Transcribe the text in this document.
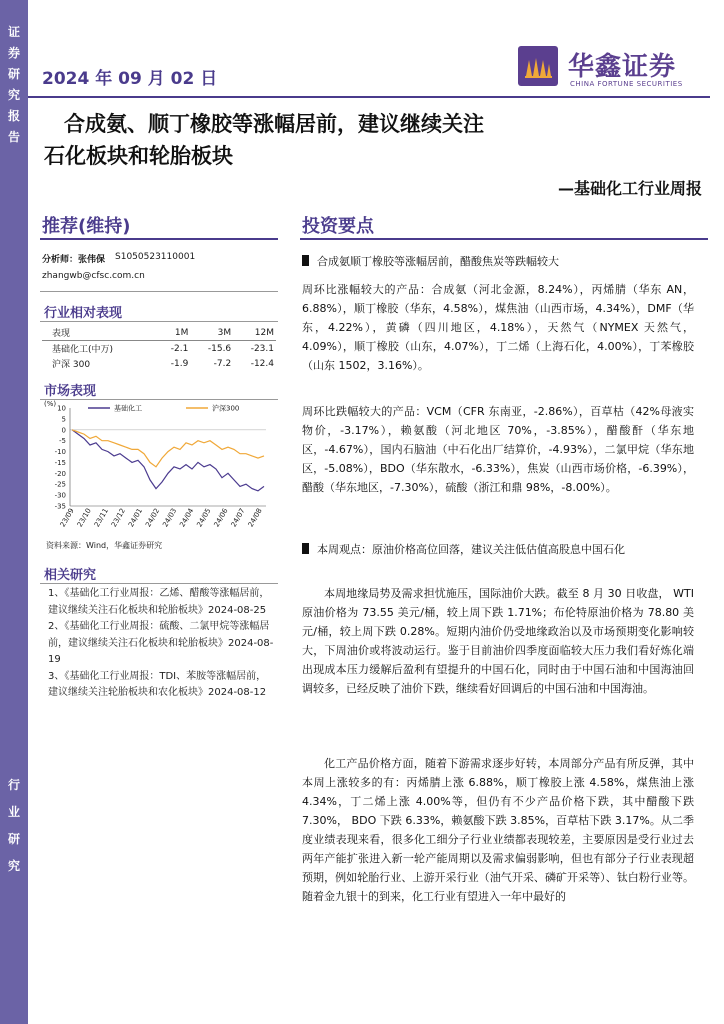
证
券
研
究
报
告
行
业
研
究
2024 年 09 月 02 日	华鑫证券
CHINA FORTUNE SECURITIES
合成氨、顺丁橡胶等涨幅居前，建议继续关注
石化板块和轮胎板块
—基础化工行业周报
推荐(维持)
分析师：张伟保 S1050523110001
zhangwb@cfsc.com.cn
行业相对表现
表现	1M	3M	12M
基础化工(中万)	-2.1	-15.6	-23.1
沪深 300	-1.9	-7.2	-12.4
市场表现
(%)
10
5
0
-5
-10
-15
-20
-25
-30
-35
23/09 23/10 23/11 23/12 24/01 24/02 24/03 24/04 24/05 24/06 24/07 24/08
基础化工	沪深300
资料来源：Wind，华鑫证券研究
相关研究

1、《基础化工行业周报：乙烯、醋酸等涨幅居前，建议继续关注石化板块和轮胎板块》2024-08-25

2、《基础化工行业周报：硫酸、二氯甲烷等涨幅居前，建议继续关注石化板块和轮胎板块》2024-08-19

3、《基础化工行业周报：TDI、苯胺等涨幅居前，建议继续关注轮胎板块和农化板块》2024-08-12

投资要点
合成氨顺丁橡胶等涨幅居前，醋酸焦炭等跌幅较大
周环比涨幅较大的产品：合成氨（河北金源，8.24%），丙烯腈（华东 AN，6.88%），顺丁橡胶（华东，4.58%），煤焦油（山西市场，4.34%），DMF（华东，4.22%），黄磷（四川地区，4.18%），天然气（NYMEX 天然气，4.09%），顺丁橡胶（山东，4.07%），丁二烯（上海石化，4.00%），丁苯橡胶（山东 1502，3.16%）。
周环比跌幅较大的产品：VCM（CFR 东南亚，-2.86%），百草枯（42%母液实物价，-3.17%），赖氨酸（河北地区 70%，-3.85%），醋酸酐（华东地区，-4.67%），国内石脑油（中石化出厂结算价，-4.93%），二氯甲烷（华东地区，-5.08%），BDO（华东散水，-6.33%），焦炭（山西市场价格，-6.39%），醋酸（华东地区，-7.30%），硫酸（浙江和鼎 98%，-8.00%）。
本周观点：原油价格高位回落，建议关注低估值高股息中国石化
本周地缘局势及需求担忧施压，国际油价大跌。截至 8 月 30 日收盘， WTI 原油价格为 73.55 美元/桶，较上周下跌 1.71%；布伦特原油价格为 78.80 美元/桶，较上周下跌 0.28%。短期内油价仍受地缘政治以及市场预期变化影响较大，下周油价或将波动运行。鉴于目前油价四季度面临较大压力我们看好炼化端出现成本压力缓解后盈利有望提升的中国石化，同时由于中国石油和中国海油回调较多，已经反映了油价下跌，继续看好回调后的中国石油和中国海油。
化工产品价格方面，随着下游需求逐步好转，本周部分产品有所反弹，其中本周上涨较多的有：丙烯腈上涨 6.88%，顺丁橡胶上涨 4.58%，煤焦油上涨 4.34%，丁二烯上涨 4.00%等，但仍有不少产品价格下跌，其中醋酸下跌 7.30%， BDO 下跌 6.33%，赖氨酸下跌 3.85%，百草枯下跌 3.17%。从二季度业绩表现来看，很多化工细分子行业业绩都表现较差，主要原因是受行业过去两年产能扩张进入新一轮产能周期以及需求偏弱影响，但也有部分子行业表现超预期，例如轮胎行业、上游开采行业（油气开采、磷矿开采等）、钛白粉行业等。随着金九银十的到来，化工行业有望进入一年中最好的
